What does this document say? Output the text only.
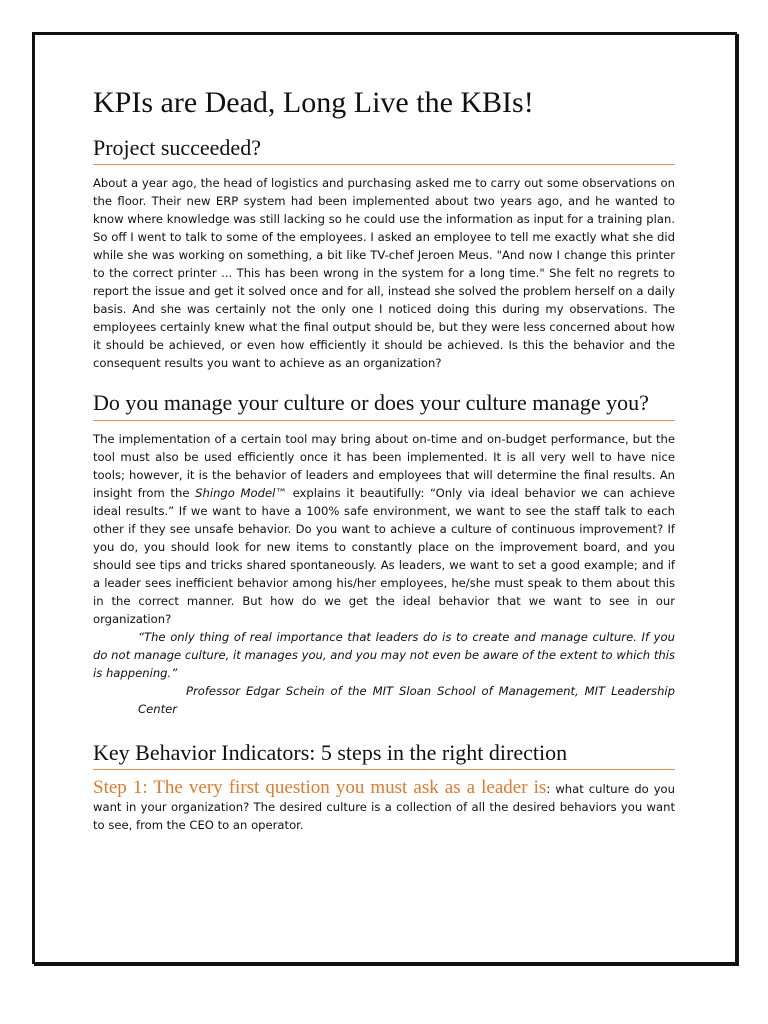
KPIs are Dead, Long Live the KBIs!
Project succeeded?

About a year ago, the head of logistics and purchasing asked me to carry out some observations on the floor. Their new ERP system had been implemented about two years ago, and he wanted to know where knowledge was still lacking so he could use the information as input for a training plan. So off I went to talk to some of the employees. I asked an employee to tell me exactly what she did while she was working on something, a bit like TV-chef Jeroen Meus. "And now I change this printer to the correct printer ... This has been wrong in the system for a long time." She felt no regrets to report the issue and get it solved once and for all, instead she solved the problem herself on a daily basis. And she was certainly not the only one I noticed doing this during my observations. The employees certainly knew what the final output should be, but they were less concerned about how it should be achieved, or even how efficiently it should be achieved. Is this the behavior and the consequent results you want to achieve as an organization?

Do you manage your culture or does your culture manage you?

The implementation of a certain tool may bring about on-time and on-budget performance, but the tool must also be used efficiently once it has been implemented. It is all very well to have nice tools; however, it is the behavior of leaders and employees that will determine the final results. An insight from the Shingo Model™ explains it beautifully: “Only via ideal behavior we can achieve ideal results.” If we want to have a 100% safe environment, we want to see the staff talk to each other if they see unsafe behavior. Do you want to achieve a culture of continuous improvement? If you do, you should look for new items to constantly place on the improvement board, and you should see tips and tricks shared spontaneously. As leaders, we want to set a good example; and if a leader sees inefficient behavior among his/her employees, he/she must speak to them about this in the correct manner. But how do we get the ideal behavior that we want to see in our organization?

“The only thing of real importance that leaders do is to create and manage culture. If you do not manage culture, it manages you, and you may not even be aware of the extent to which this is happening.”

Professor Edgar Schein of the MIT Sloan School of Management, MIT Leadership Center

Key Behavior Indicators: 5 steps in the right direction

Step 1: The very first question you must ask as a leader is: what culture do you want in your organization? The desired culture is a collection of all the desired behaviors you want to see, from the CEO to an operator.
